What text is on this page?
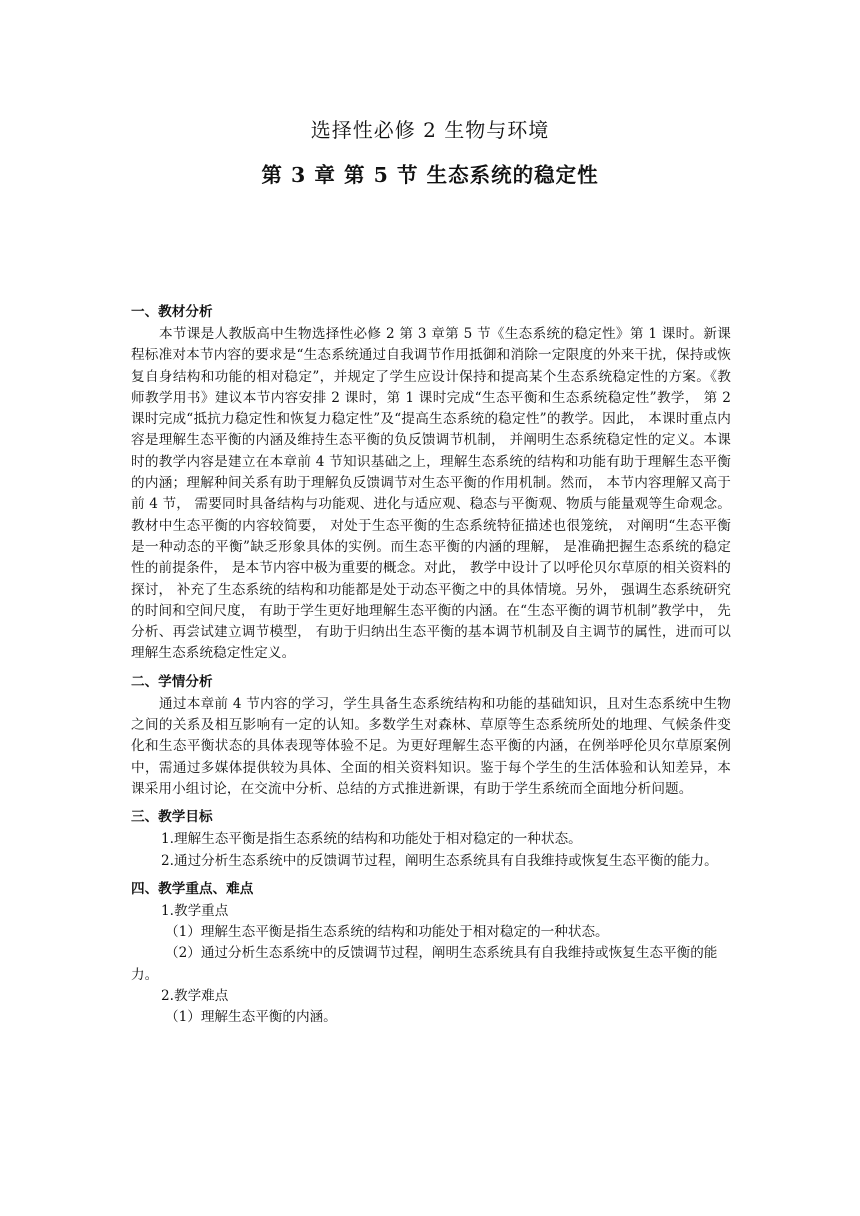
选择性必修 2 生物与环境
第 3 章 第 5 节 生态系统的稳定性

一、教材分析

本节课是人教版高中生物选择性必修 2 第 3 章第 5 节《生态系统的稳定性》第 1 课时。新课程标准对本节内容的要求是“生态系统通过自我调节作用抵御和消除一定限度的外来干扰，保持或恢复自身结构和功能的相对稳定”，并规定了学生应设计保持和提高某个生态系统稳定性的方案。《教师教学用书》建议本节内容安排 2 课时，第 1 课时完成“生态平衡和生态系统稳定性”教学， 第 2 课时完成“抵抗力稳定性和恢复力稳定性”及“提高生态系统的稳定性”的教学。因此， 本课时重点内容是理解生态平衡的内涵及维持生态平衡的负反馈调节机制， 并阐明生态系统稳定性的定义。本课时的教学内容是建立在本章前 4 节知识基础之上，理解生态系统的结构和功能有助于理解生态平衡的内涵；理解种间关系有助于理解负反馈调节对生态平衡的作用机制。然而， 本节内容理解又高于前 4 节， 需要同时具备结构与功能观、进化与适应观、稳态与平衡观、物质与能量观等生命观念。教材中生态平衡的内容较简要， 对处于生态平衡的生态系统特征描述也很笼统， 对阐明“生态平衡是一种动态的平衡”缺乏形象具体的实例。而生态平衡的内涵的理解， 是准确把握生态系统的稳定性的前提条件， 是本节内容中极为重要的概念。对此， 教学中设计了以呼伦贝尔草原的相关资料的探讨， 补充了生态系统的结构和功能都是处于动态平衡之中的具体情境。另外， 强调生态系统研究的时间和空间尺度， 有助于学生更好地理解生态平衡的内涵。在“生态平衡的调节机制”教学中， 先分析、再尝试建立调节模型， 有助于归纳出生态平衡的基本调节机制及自主调节的属性，进而可以理解生态系统稳定性定义。

二、学情分析

通过本章前 4 节内容的学习，学生具备生态系统结构和功能的基础知识，且对生态系统中生物之间的关系及相互影响有一定的认知。多数学生对森林、草原等生态系统所处的地理、气候条件变化和生态平衡状态的具体表现等体验不足。为更好理解生态平衡的内涵，在例举呼伦贝尔草原案例中，需通过多媒体提供较为具体、全面的相关资料知识。鉴于每个学生的生活体验和认知差异，本课采用小组讨论，在交流中分析、总结的方式推进新课，有助于学生系统而全面地分析问题。

三、教学目标

1.理解生态平衡是指生态系统的结构和功能处于相对稳定的一种状态。

2.通过分析生态系统中的反馈调节过程，阐明生态系统具有自我维持或恢复生态平衡的能力。

四、教学重点、难点

1.教学重点

（1）理解生态平衡是指生态系统的结构和功能处于相对稳定的一种状态。

（2）通过分析生态系统中的反馈调节过程，阐明生态系统具有自我维持或恢复生态平衡的能力。

2.教学难点

（1）理解生态平衡的内涵。
